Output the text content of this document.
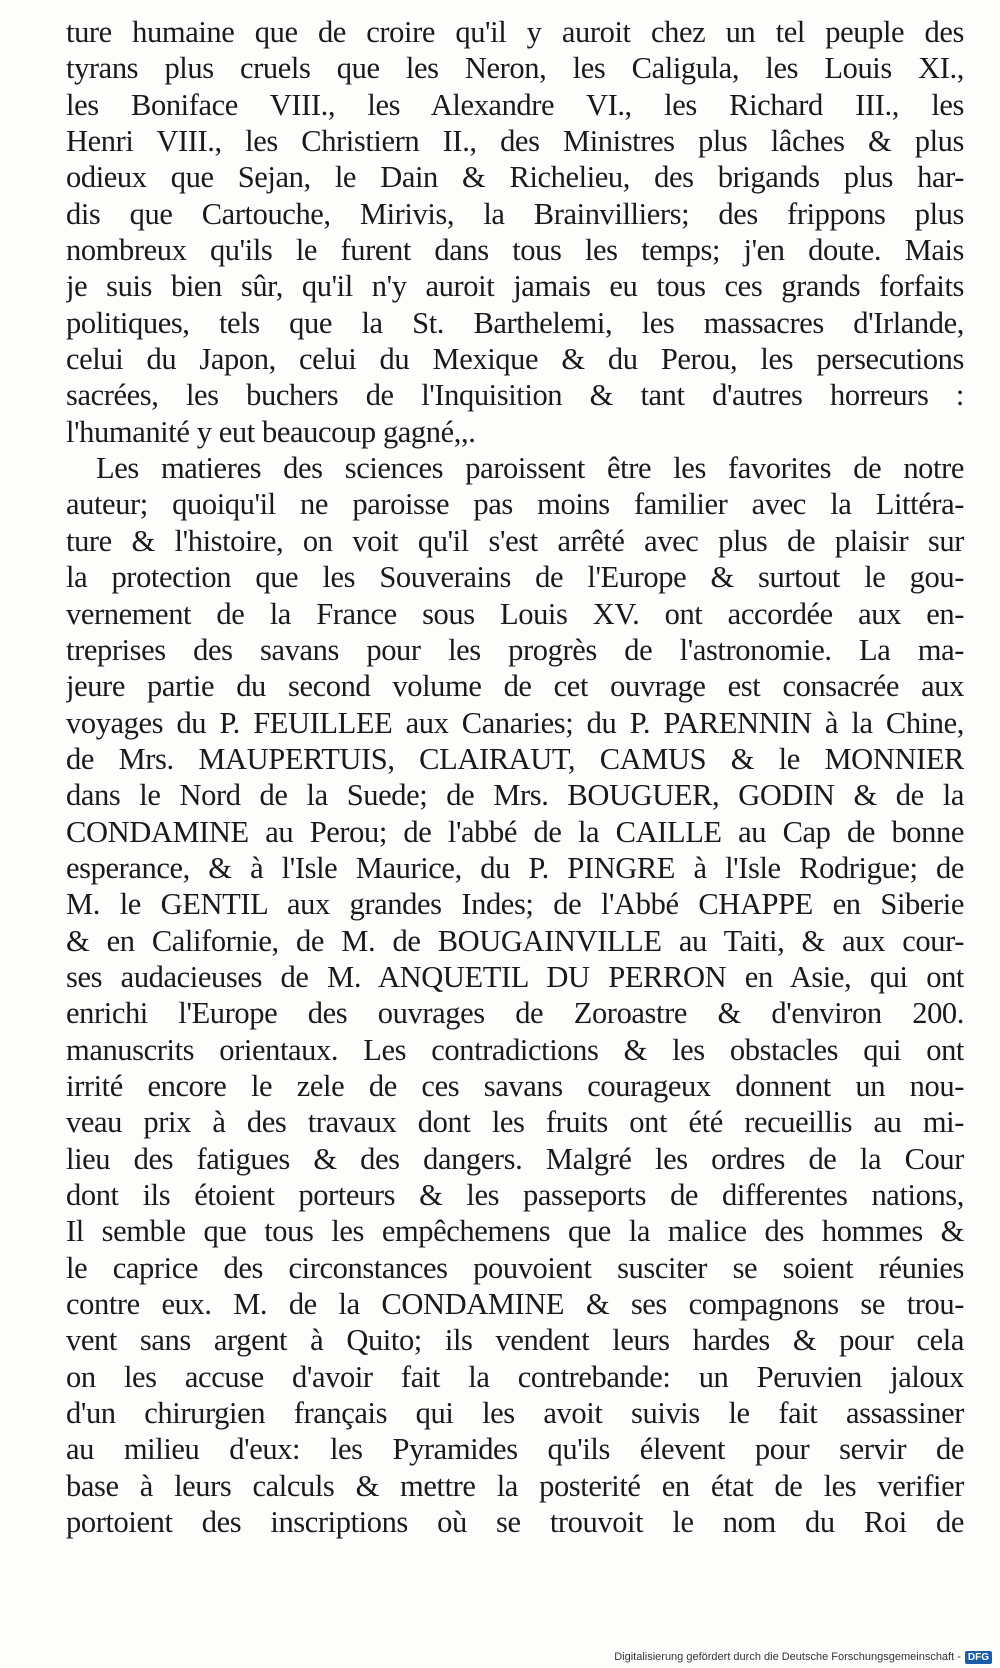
ture humaine que de croire qu'il y auroit chez un tel peuple des
tyrans plus cruels que les Neron, les Caligula, les Louis XI.,
les Boniface VIII., les Alexandre VI., les Richard III., les
Henri VIII., les Christiern II., des Ministres plus lâches & plus
odieux que Sejan, le Dain & Richelieu, des brigands plus har-
dis que Cartouche, Mirivis, la Brainvilliers; des frippons plus
nombreux qu'ils le furent dans tous les temps; j'en doute. Mais
je suis bien sûr, qu'il n'y auroit jamais eu tous ces grands forfaits
politiques, tels que la St. Barthelemi, les massacres d'Irlande,
celui du Japon, celui du Mexique & du Perou, les persecutions
sacrées, les buchers de l'Inquisition & tant d'autres horreurs :
l'humanité y eut beaucoup gagné,,.
Les matieres des sciences paroissent être les favorites de notre
auteur; quoiqu'il ne paroisse pas moins familier avec la Littéra-
ture & l'histoire, on voit qu'il s'est arrêté avec plus de plaisir sur
la protection que les Souverains de l'Europe & surtout le gou-
vernement de la France sous Louis XV. ont accordée aux en-
treprises des savans pour les progrès de l'astronomie. La ma-
jeure partie du second volume de cet ouvrage est consacrée aux
voyages du P. FEUILLEE aux Canaries; du P. PARENNIN à la Chine,
de Mrs. MAUPERTUIS, CLAIRAUT, CAMUS & le MONNIER
dans le Nord de la Suede; de Mrs. BOUGUER, GODIN & de la
CONDAMINE au Perou; de l'abbé de la CAILLE au Cap de bonne
esperance, & à l'Isle Maurice, du P. PINGRE à l'Isle Rodrigue; de
M. le GENTIL aux grandes Indes; de l'Abbé CHAPPE en Siberie
& en Californie, de M. de BOUGAINVILLE au Taiti, & aux cour-
ses audacieuses de M. ANQUETIL DU PERRON en Asie, qui ont
enrichi l'Europe des ouvrages de Zoroastre & d'environ 200.
manuscrits orientaux. Les contradictions & les obstacles qui ont
irrité encore le zele de ces savans courageux donnent un nou-
veau prix à des travaux dont les fruits ont été recueillis au mi-
lieu des fatigues & des dangers. Malgré les ordres de la Cour
dont ils étoient porteurs & les passeports de differentes nations,
Il semble que tous les empêchemens que la malice des hommes &
le caprice des circonstances pouvoient susciter se soient réunies
contre eux. M. de la CONDAMINE & ses compagnons se trou-
vent sans argent à Quito; ils vendent leurs hardes & pour cela
on les accuse d'avoir fait la contrebande: un Peruvien jaloux
d'un chirurgien français qui les avoit suivis le fait assassiner
au milieu d'eux: les Pyramides qu'ils élevent pour servir de
base à leurs calculs & mettre la posterité en état de les verifier
portoient des inscriptions où se trouvoit le nom du Roi de
Digitalisierung gefördert durch die Deutsche Forschungsgemeinschaft - DFG
